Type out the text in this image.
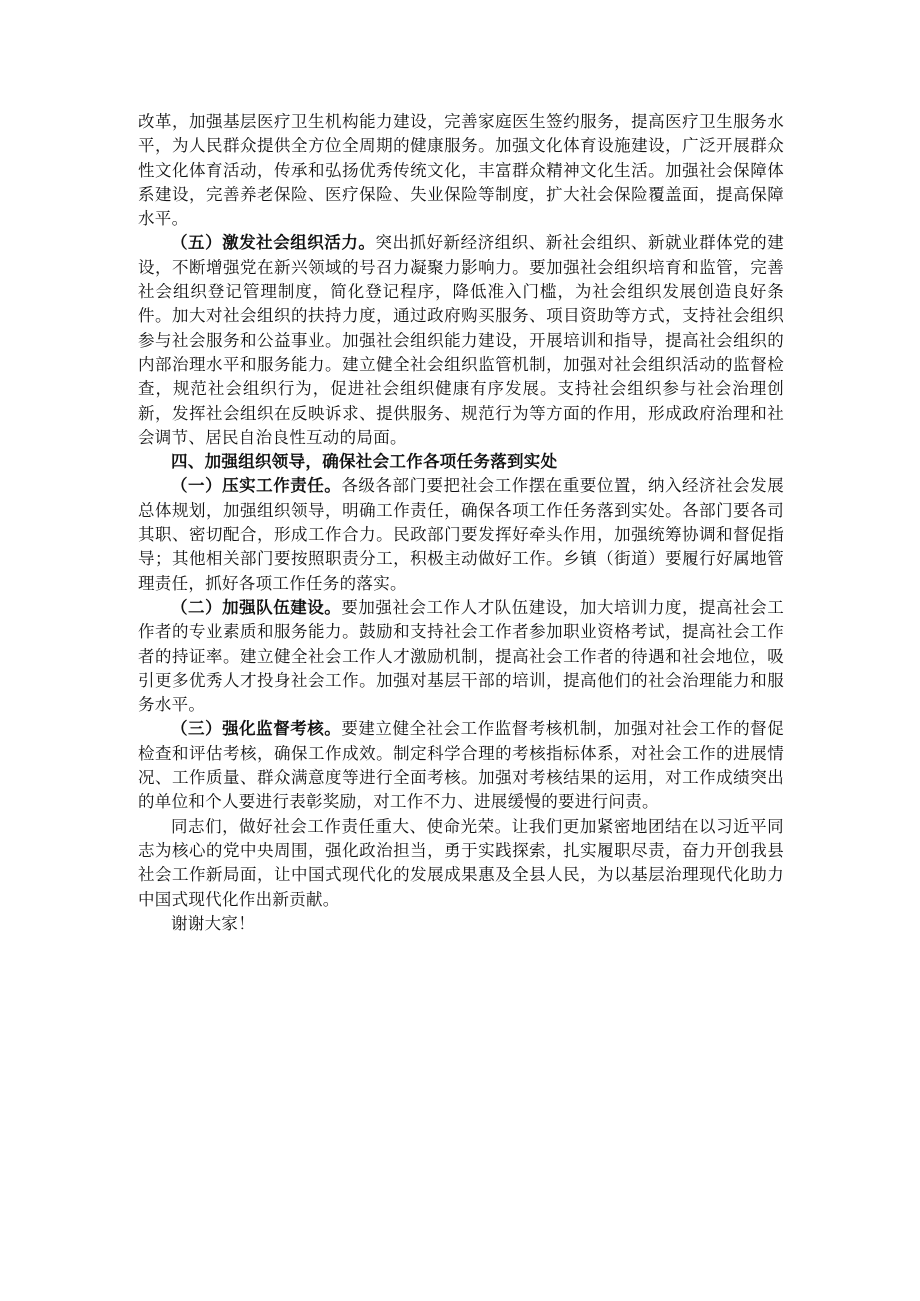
改革，加强基层医疗卫生机构能力建设，完善家庭医生签约服务，提高医疗卫生服务水平，为人民群众提供全方位全周期的健康服务。加强文化体育设施建设，广泛开展群众性文化体育活动，传承和弘扬优秀传统文化，丰富群众精神文化生活。加强社会保障体系建设，完善养老保险、医疗保险、失业保险等制度，扩大社会保险覆盖面，提高保障水平。

（五）激发社会组织活力。突出抓好新经济组织、新社会组织、新就业群体党的建设，不断增强党在新兴领域的号召力凝聚力影响力。要加强社会组织培育和监管，完善社会组织登记管理制度，简化登记程序，降低准入门槛，为社会组织发展创造良好条件。加大对社会组织的扶持力度，通过政府购买服务、项目资助等方式，支持社会组织参与社会服务和公益事业。加强社会组织能力建设，开展培训和指导，提高社会组织的内部治理水平和服务能力。建立健全社会组织监管机制，加强对社会组织活动的监督检查，规范社会组织行为，促进社会组织健康有序发展。支持社会组织参与社会治理创新，发挥社会组织在反映诉求、提供服务、规范行为等方面的作用，形成政府治理和社会调节、居民自治良性互动的局面。

四、加强组织领导，确保社会工作各项任务落到实处

（一）压实工作责任。各级各部门要把社会工作摆在重要位置，纳入经济社会发展总体规划，加强组织领导，明确工作责任，确保各项工作任务落到实处。各部门要各司其职、密切配合，形成工作合力。民政部门要发挥好牵头作用，加强统筹协调和督促指导；其他相关部门要按照职责分工，积极主动做好工作。乡镇（街道）要履行好属地管理责任，抓好各项工作任务的落实。

（二）加强队伍建设。要加强社会工作人才队伍建设，加大培训力度，提高社会工作者的专业素质和服务能力。鼓励和支持社会工作者参加职业资格考试，提高社会工作者的持证率。建立健全社会工作人才激励机制，提高社会工作者的待遇和社会地位，吸引更多优秀人才投身社会工作。加强对基层干部的培训，提高他们的社会治理能力和服务水平。

（三）强化监督考核。要建立健全社会工作监督考核机制，加强对社会工作的督促检查和评估考核，确保工作成效。制定科学合理的考核指标体系，对社会工作的进展情况、工作质量、群众满意度等进行全面考核。加强对考核结果的运用，对工作成绩突出的单位和个人要进行表彰奖励，对工作不力、进展缓慢的要进行问责。

同志们，做好社会工作责任重大、使命光荣。让我们更加紧密地团结在以习近平同志为核心的党中央周围，强化政治担当，勇于实践探索，扎实履职尽责，奋力开创我县社会工作新局面，让中国式现代化的发展成果惠及全县人民，为以基层治理现代化助力中国式现代化作出新贡献。

谢谢大家！
